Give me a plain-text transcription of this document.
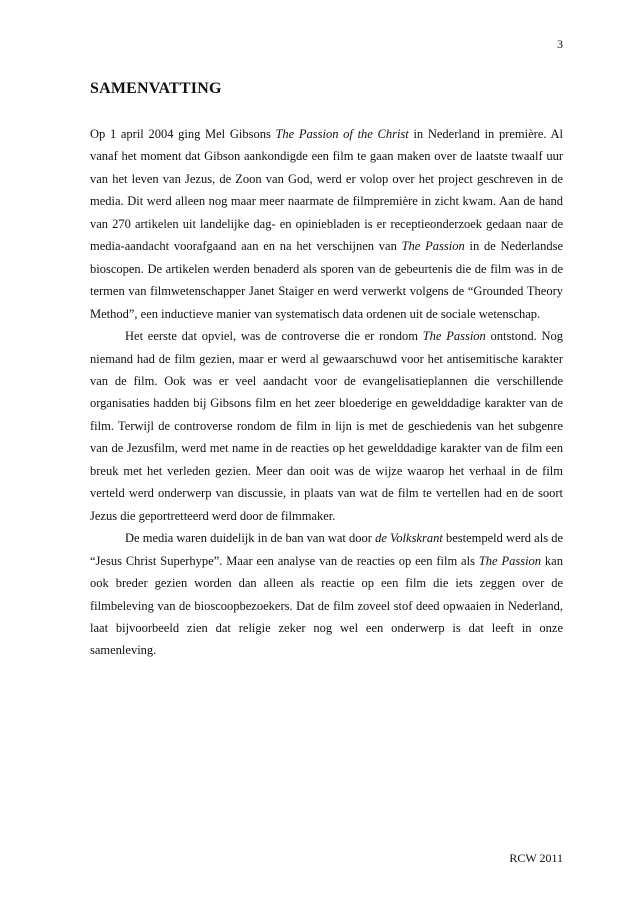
3
SAMENVATTING

Op 1 april 2004 ging Mel Gibsons The Passion of the Christ in Nederland in première. Al vanaf het moment dat Gibson aankondigde een film te gaan maken over de laatste twaalf uur van het leven van Jezus, de Zoon van God, werd er volop over het project geschreven in de media. Dit werd alleen nog maar meer naarmate de filmpremière in zicht kwam. Aan de hand van 270 artikelen uit landelijke dag- en opiniebladen is er receptieonderzoek gedaan naar de media-aandacht voorafgaand aan en na het verschijnen van The Passion in de Nederlandse bioscopen. De artikelen werden benaderd als sporen van de gebeurtenis die de film was in de termen van filmwetenschapper Janet Staiger en werd verwerkt volgens de “Grounded Theory Method”, een inductieve manier van systematisch data ordenen uit de sociale wetenschap.

Het eerste dat opviel, was de controverse die er rondom The Passion ontstond. Nog niemand had de film gezien, maar er werd al gewaarschuwd voor het antisemitische karakter van de film. Ook was er veel aandacht voor de evangelisatieplannen die verschillende organisaties hadden bij Gibsons film en het zeer bloederige en gewelddadige karakter van de film. Terwijl de controverse rondom de film in lijn is met de geschiedenis van het subgenre van de Jezusfilm, werd met name in de reacties op het gewelddadige karakter van de film een breuk met het verleden gezien. Meer dan ooit was de wijze waarop het verhaal in de film verteld werd onderwerp van discussie, in plaats van wat de film te vertellen had en de soort Jezus die geportretteerd werd door de filmmaker.

De media waren duidelijk in de ban van wat door de Volkskrant bestempeld werd als de “Jesus Christ Superhype”. Maar een analyse van de reacties op een film als The Passion kan ook breder gezien worden dan alleen als reactie op een film die iets zeggen over de filmbeleving van de bioscoopbezoekers. Dat de film zoveel stof deed opwaaien in Nederland, laat bijvoorbeeld zien dat religie zeker nog wel een onderwerp is dat leeft in onze samenleving.

RCW 2011
